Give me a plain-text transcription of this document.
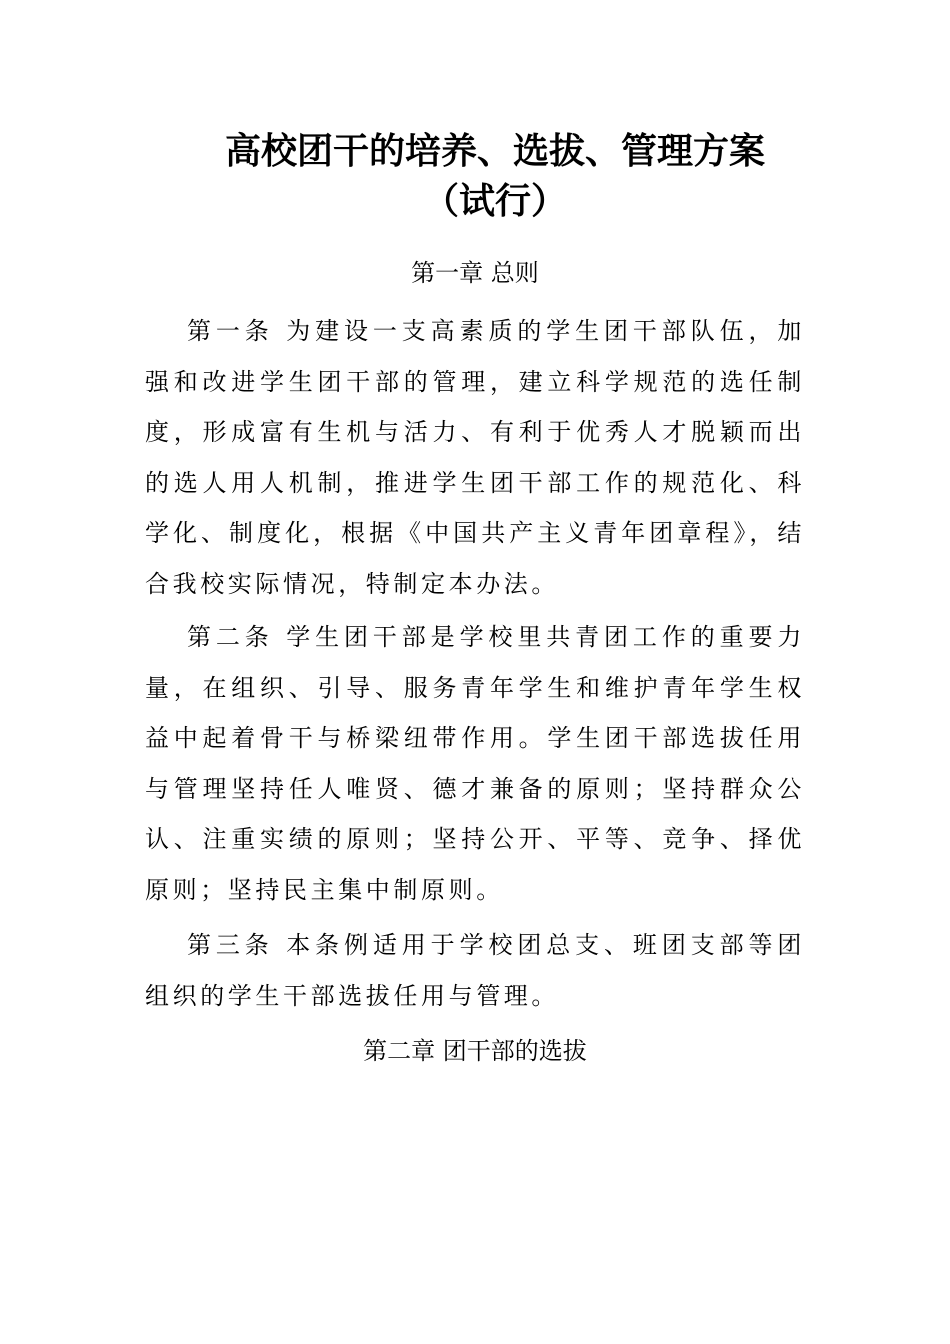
高校团干的培养、选拔、管理方案（试行）
第一章 总则

第一条 为建设一支高素质的学生团干部队伍，加强和改进学生团干部的管理，建立科学规范的选任制度，形成富有生机与活力、有利于优秀人才脱颖而出的选人用人机制，推进学生团干部工作的规范化、科学化、制度化，根据《中国共产主义青年团章程》，结合我校实际情况，特制定本办法。

第二条 学生团干部是学校里共青团工作的重要力量，在组织、引导、服务青年学生和维护青年学生权益中起着骨干与桥梁纽带作用。学生团干部选拔任用与管理坚持任人唯贤、德才兼备的原则；坚持群众公认、注重实绩的原则；坚持公开、平等、竞争、择优原则；坚持民主集中制原则。

第三条 本条例适用于学校团总支、班团支部等团组织的学生干部选拔任用与管理。

第二章 团干部的选拔
